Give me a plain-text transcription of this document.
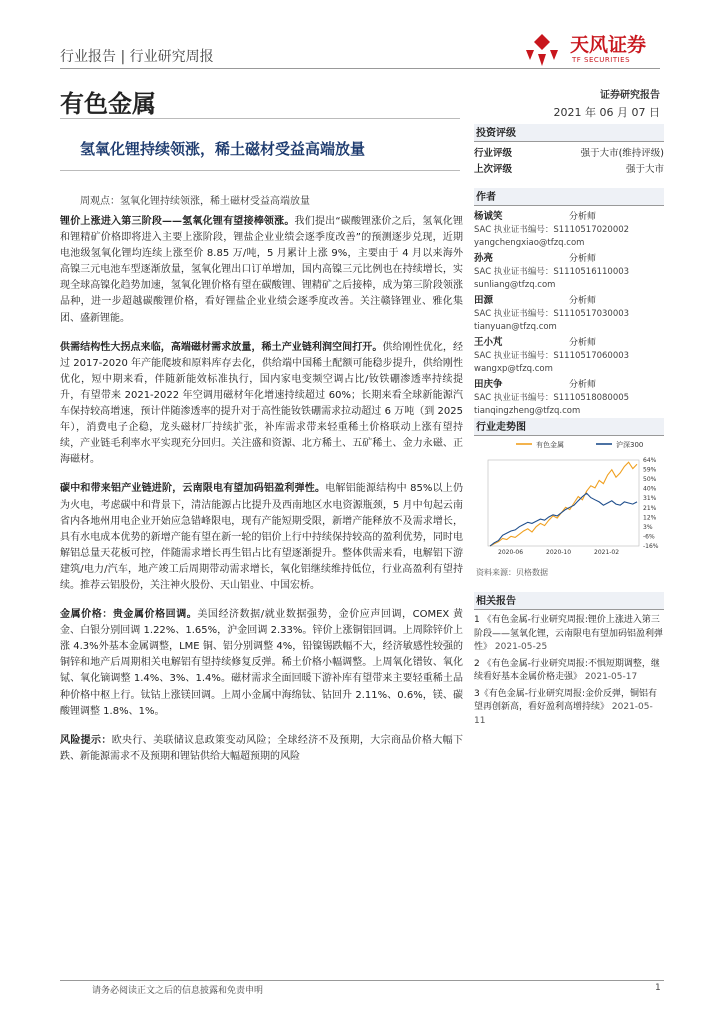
行业报告 | 行业研究周报
天风证券
TF SECURITIES
有色金属	证券研究报告
2021 年 06 月 07 日
氢氧化锂持续领涨，稀土磁材受益高端放量
周观点：氢氧化锂持续领涨，稀土磁材受益高端放量

锂价上涨进入第三阶段——氢氧化锂有望接棒领涨。我们提出“碳酸锂涨价之后，氢氧化锂和锂精矿价格即将进入主要上涨阶段，锂盐企业业绩会逐季度改善”的预测逐步兑现，近期电池级氢氧化锂均连续上涨至价 8.85 万/吨，5 月累计上涨 9%，主要由于 4 月以来海外高镍三元电池车型逐渐放量，氢氧化锂出口订单增加，国内高镍三元比例也在持续增长，实现全球高镍化趋势加速，氢氧化锂价格有望在碳酸锂、锂精矿之后接棒，成为第三阶段领涨品种，进一步超越碳酸锂价格，看好锂盐企业业绩会逐季度改善。关注赣锋锂业、雅化集团、盛新锂能。

供需结构性大拐点来临，高端磁材需求放量，稀土产业链利润空间打开。供给刚性优化，经过 2017-2020 年产能爬坡和原料库存去化，供给端中国稀土配额可能稳步提升，供给刚性优化，短中期来看，伴随新能效标准执行，国内家电变频空调占比/钕铁硼渗透率持续提升，有望带来 2021-2022 年空调用磁材年化增速持续超过 60%；长期来看全球新能源汽车保持较高增速，预计伴随渗透率的提升对于高性能钕铁硼需求拉动超过 6 万吨（到 2025 年），消费电子企稳，龙头磁材厂持续扩张，补库需求带来轻重稀土价格联动上涨有望持续，产业链毛利率水平实现充分回归。关注盛和资源、北方稀土、五矿稀土、金力永磁、正海磁材。

碳中和带来铝产业链进阶，云南限电有望加码铝盈利弹性。电解铝能源结构中 85%以上仍为火电，考虑碳中和背景下，清洁能源占比提升及西南地区水电资源瓶颈，5 月中旬起云南省内各地州用电企业开始应急错峰限电，现有产能短期受限，新增产能释放不及需求增长，具有水电成本优势的新增产能有望在新一轮的铝价上行中持续保持较高的盈利优势，同时电解铝总量天花板可控，伴随需求增长再生铝占比有望逐渐提升。整体供需来看，电解铝下游建筑/电力/汽车，地产竣工后周期带动需求增长，氧化铝继续维持低位，行业高盈利有望持续。推荐云铝股份，关注神火股份、天山铝业、中国宏桥。

金属价格：贵金属价格回调。美国经济数据/就业数据强势，金价应声回调，COMEX 黄金、白银分别回调 1.22%、1.65%，沪金回调 2.33%。锌价上涨铜铝回调。上周除锌价上涨 4.3%外基本金属调整，LME 铜、铝分别调整 4%，铅镍锡跌幅不大，经济敏感性较强的铜锌和地产后周期相关电解铝有望持续修复反弹。稀土价格小幅调整。上周氧化镨钕、氧化铽、氧化镝调整 1.4%、3%、1.4%。磁材需求全面回暖下游补库有望带来主要轻重稀土品种价格中枢上行。钛钴上涨镁回调。上周小金属中海绵钛、钴回升 2.11%、0.6%，镁、碳酸锂调整 1.8%、1%。

风险提示：欧央行、美联储议息政策变动风险；全球经济不及预期，大宗商品价格大幅下跌、新能源需求不及预期和锂钴供给大幅超预期的风险

投资评级
行业评级	强于大市(维持评级)
上次评级	强于大市
作者
杨诚笑	分析师
SAC 执业证书编号：S1110517020002
yangchengxiao@tfzq.com
孙亮	分析师
SAC 执业证书编号：S1110516110003
sunliang@tfzq.com
田源	分析师
SAC 执业证书编号：S1110517030003
tianyuan@tfzq.com
王小芃	分析师
SAC 执业证书编号：S1110517060003
wangxp@tfzq.com
田庆争	分析师
SAC 执业证书编号：S1110518080005
tianqingzheng@tfzq.com
行业走势图
有色金属	沪深300
-16%
-6%
3%
12%
21%
31%
40%
50%
59%
64%
2020-06	2020-10	2021-02
资料来源：贝格数据
相关报告
1 《有色金属-行业研究周报:锂价上涨进入第三阶段——氢氧化锂，云南限电有望加码铝盈利弹性》 2021-05-25
2 《有色金属-行业研究周报:不惧短期调整，继续看好基本金属价格走强》 2021-05-17
3《有色金属-行业研究周报:金价反弹，铜铝有望再创新高，看好盈利高增持续》 2021-05-11
请务必阅读正文之后的信息披露和免责申明	1
